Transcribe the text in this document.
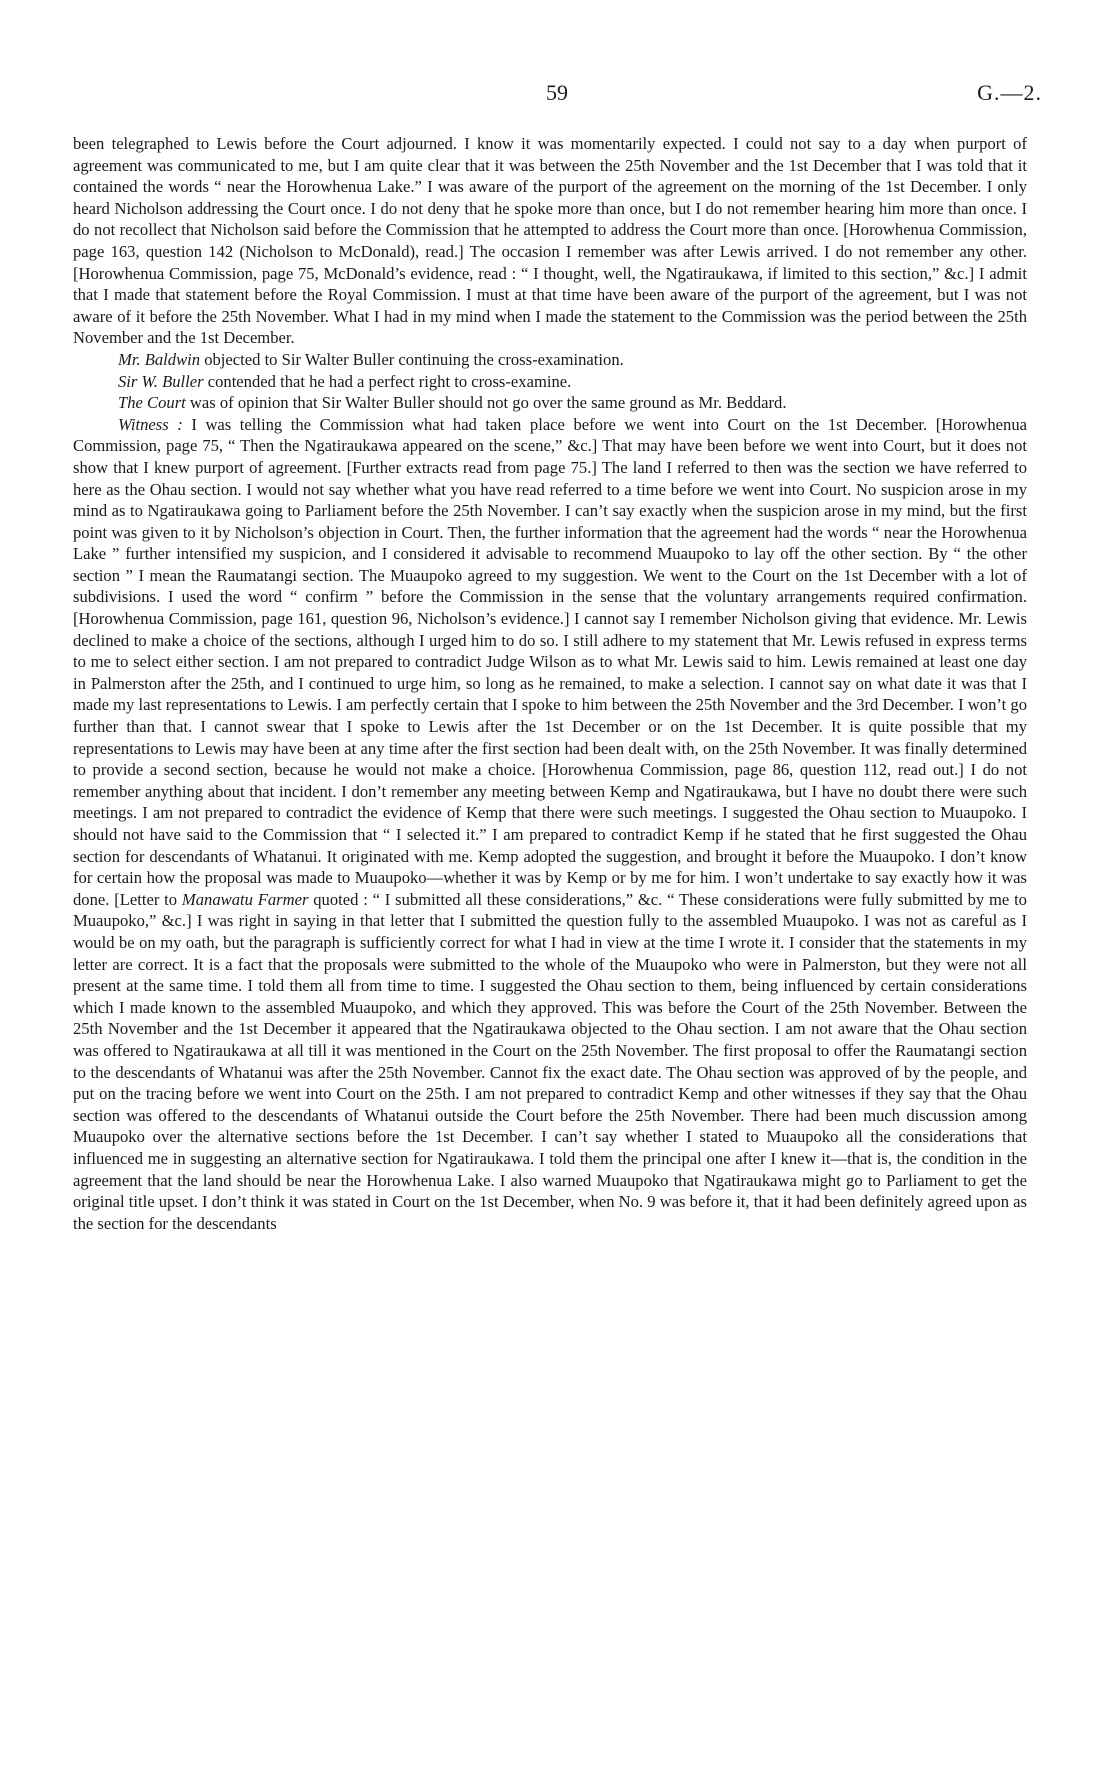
59	G.—2.

been telegraphed to Lewis before the Court adjourned. I know it was momentarily expected. I could not say to a day when purport of agreement was communicated to me, but I am quite clear that it was between the 25th November and the 1st December that I was told that it contained the words “ near the Horowhenua Lake.” I was aware of the purport of the agreement on the morning of the 1st December. I only heard Nicholson addressing the Court once. I do not deny that he spoke more than once, but I do not remember hearing him more than once. I do not recollect that Nicholson said before the Commission that he attempted to address the Court more than once. [Horowhenua Commission, page 163, question 142 (Nicholson to McDonald), read.] The occasion I remember was after Lewis arrived. I do not remember any other. [Horowhenua Commission, page 75, McDonald’s evidence, read : “ I thought, well, the Ngatiraukawa, if limited to this section,” &c.] I admit that I made that statement before the Royal Commission. I must at that time have been aware of the purport of the agreement, but I was not aware of it before the 25th November. What I had in my mind when I made the statement to the Commission was the period between the 25th November and the 1st December.

Mr. Baldwin objected to Sir Walter Buller continuing the cross-examination.

Sir W. Buller contended that he had a perfect right to cross-examine.

The Court was of opinion that Sir Walter Buller should not go over the same ground as Mr. Beddard.

Witness : I was telling the Commission what had taken place before we went into Court on the 1st December. [Horowhenua Commission, page 75, “ Then the Ngatiraukawa appeared on the scene,” &c.] That may have been before we went into Court, but it does not show that I knew purport of agreement. [Further extracts read from page 75.] The land I referred to then was the section we have referred to here as the Ohau section. I would not say whether what you have read referred to a time before we went into Court. No suspicion arose in my mind as to Ngatiraukawa going to Parliament before the 25th November. I can’t say exactly when the suspicion arose in my mind, but the first point was given to it by Nicholson’s objection in Court. Then, the further information that the agreement had the words “ near the Horowhenua Lake ” further intensified my suspicion, and I considered it advisable to recommend Muaupoko to lay off the other section. By “ the other section ” I mean the Raumatangi section. The Muaupoko agreed to my suggestion. We went to the Court on the 1st December with a lot of subdivisions. I used the word “ confirm ” before the Commission in the sense that the voluntary arrangements required confirmation. [Horowhenua Commission, page 161, question 96, Nicholson’s evidence.] I cannot say I remember Nicholson giving that evidence. Mr. Lewis declined to make a choice of the sections, although I urged him to do so. I still adhere to my statement that Mr. Lewis refused in express terms to me to select either section. I am not prepared to contradict Judge Wilson as to what Mr. Lewis said to him. Lewis remained at least one day in Palmerston after the 25th, and I continued to urge him, so long as he remained, to make a selection. I cannot say on what date it was that I made my last representations to Lewis. I am perfectly certain that I spoke to him between the 25th November and the 3rd December. I won’t go further than that. I cannot swear that I spoke to Lewis after the 1st December or on the 1st December. It is quite possible that my representations to Lewis may have been at any time after the first section had been dealt with, on the 25th November. It was finally determined to provide a second section, because he would not make a choice. [Horowhenua Commission, page 86, question 112, read out.] I do not remember anything about that incident. I don’t remember any meeting between Kemp and Ngatiraukawa, but I have no doubt there were such meetings. I am not prepared to contradict the evidence of Kemp that there were such meetings. I suggested the Ohau section to Muaupoko. I should not have said to the Commission that “ I selected it.” I am prepared to contradict Kemp if he stated that he first suggested the Ohau section for descendants of Whatanui. It originated with me. Kemp adopted the suggestion, and brought it before the Muaupoko. I don’t know for certain how the proposal was made to Muaupoko—whether it was by Kemp or by me for him. I won’t undertake to say exactly how it was done. [Letter to Manawatu Farmer quoted : “ I submitted all these considerations,” &c. “ These considerations were fully submitted by me to Muaupoko,” &c.] I was right in saying in that letter that I submitted the question fully to the assembled Muaupoko. I was not as careful as I would be on my oath, but the paragraph is sufficiently correct for what I had in view at the time I wrote it. I consider that the statements in my letter are correct. It is a fact that the proposals were submitted to the whole of the Muaupoko who were in Palmerston, but they were not all present at the same time. I told them all from time to time. I suggested the Ohau section to them, being influenced by certain considerations which I made known to the assembled Muaupoko, and which they approved. This was before the Court of the 25th November. Between the 25th November and the 1st December it appeared that the Ngatiraukawa objected to the Ohau section. I am not aware that the Ohau section was offered to Ngatiraukawa at all till it was mentioned in the Court on the 25th November. The first proposal to offer the Raumatangi section to the descendants of Whatanui was after the 25th November. Cannot fix the exact date. The Ohau section was approved of by the people, and put on the tracing before we went into Court on the 25th. I am not prepared to contradict Kemp and other witnesses if they say that the Ohau section was offered to the descendants of Whatanui outside the Court before the 25th November. There had been much discussion among Muaupoko over the alternative sections before the 1st December. I can’t say whether I stated to Muaupoko all the considerations that influenced me in suggesting an alternative section for Ngatiraukawa. I told them the principal one after I knew it—that is, the condition in the agreement that the land should be near the Horowhenua Lake. I also warned Muaupoko that Ngatiraukawa might go to Parliament to get the original title upset. I don’t think it was stated in Court on the 1st December, when No. 9 was before it, that it had been definitely agreed upon as the section for the descendants
